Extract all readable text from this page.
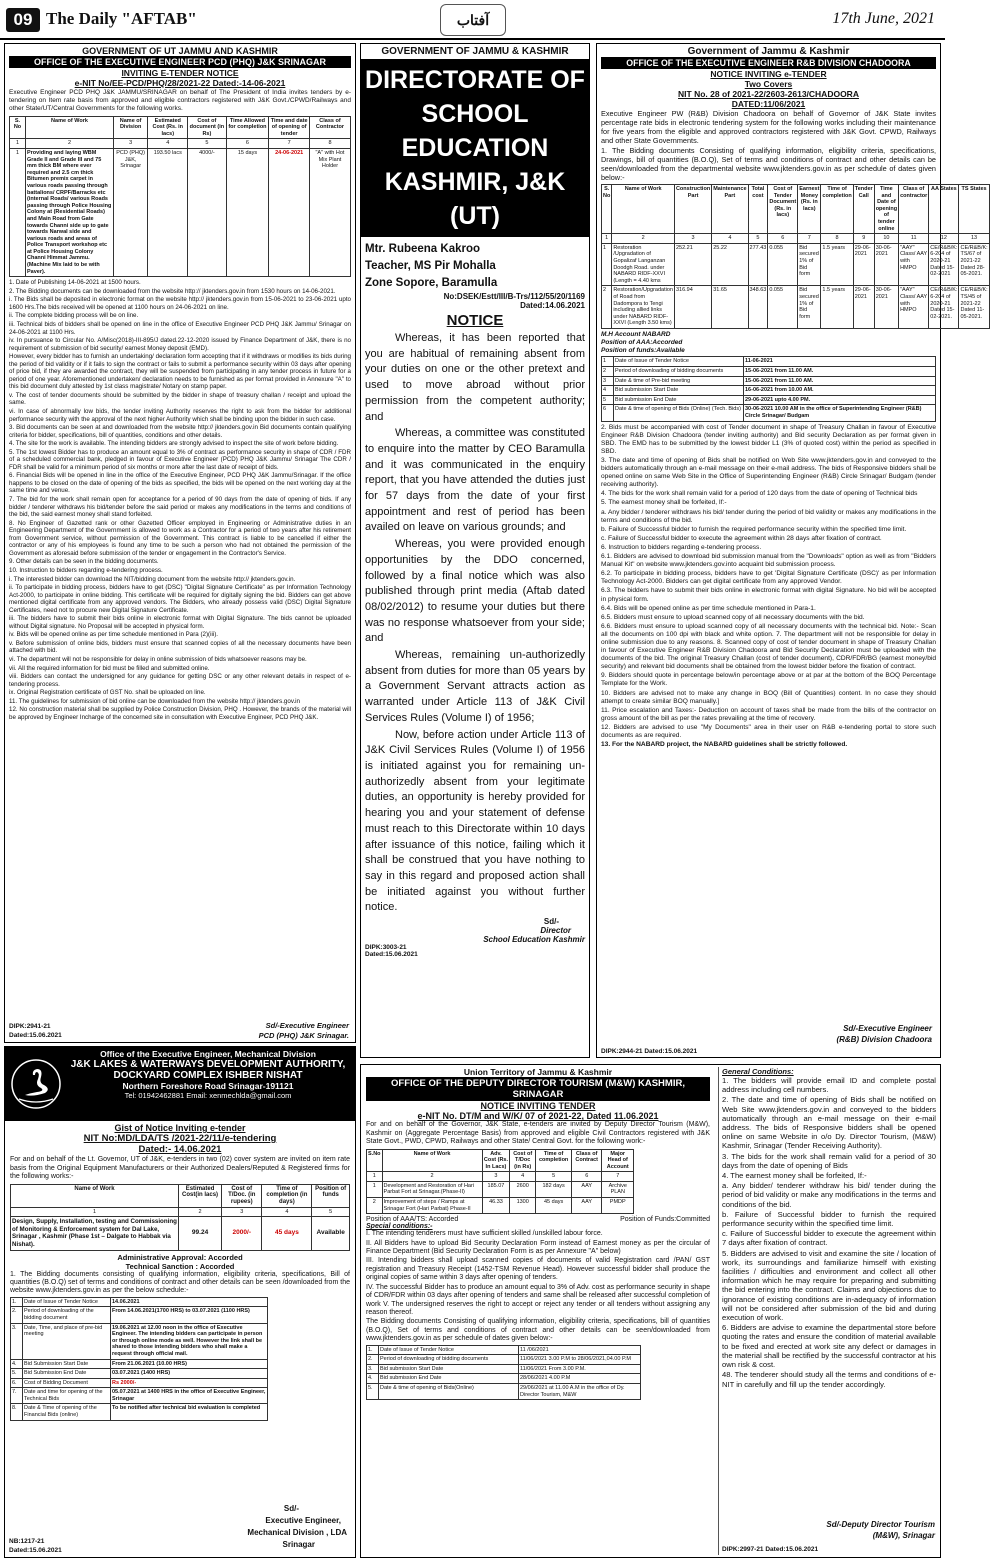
09 The Daily "AFTAB"	آفتاب	17th June, 2021
GOVERNMENT OF UT JAMMU AND KASHMIR
OFFICE OF THE EXECUTIVE ENGINEER PCD (PHQ) J&K SRINAGAR
INVITING E-TENDER NOTICE
e-NIT No/EE-PCD/PHQ/28/2021-22 Dated:-14-06-2021

Executive Engineer PCD PHQ J&K JAMMU/SRINAGAR on behalf of The President of India invites tenders by e-tendering on Item rate basis from approved and eligible contractors registered with J&K Govt./CPWD/Railways and other State/UT/Central Governments for the following works.

S. No	Name of Work	Name of Division	Estimated Cost (Rs. in lacs)	Cost of document (in Rs)	Time Allowed for completion	Time and date of opening of tender	Class of Contractor
1	2	3	4	5	6	7	8
1	Providing and laying WBM Grade II and Grade III and 75 mm thick BM where ever required and 2.5 cm thick Bitumen premix carpet in various roads passing through battalions/ CRPF/Barracks etc (internal Roads/ various Roads passing through Police Housing Colony at (Residential Roads) and Main Road from Gate towards Channi side up to gate towards Narwal side and various roads and areas of Police Transport workshop etc at Police Housing Colony Channi Himmat Jammu. (Machine Mix laid to be with Paver).	PCD (PHQ) J&K, Srinagar	193.50 lacs	4000/-	15 days	24-06-2021	"A" with Hot Mix Plant Holder

1. Date of Publishing 14-06-2021 at 1500 hours.

2. The Bidding documents can be downloaded from the website http:// jktenders.gov.in from 1530 hours on 14-06-2021.

i. The Bids shall be deposited in electronic format on the website http:// jktenders.gov.in from 15-06-2021 to 23-06-2021 upto 1600 Hrs.The bids received will be opened at 1100 hours on 24-06-2021 on line.

ii. The complete bidding process will be on line.

iii. Technical bids of bidders shall be opened on line in the office of Executive Engineer PCD PHQ J&K Jammu/ Srinagar on 24-06-2021 at 1100 Hrs.

iv. In pursuance to Circular No. A/Misc(2018)-III-895/J dated.22-12-2020 issued by Finance Department of J&K, there is no requirement of submission of bid security/ earnest Money deposit (EMD).

However, every bidder has to furnish an undertaking/ declaration form accepting that if it withdraws or modifies its bids during the period of bid validity or if it fails to sign the contract or fails to submit a performance security within 03 days after opening of price bid, if they are awarded the contract, they will be suspended from participating in any tender process in future for a period of one year. Aforementioned undertaken/ declaration needs to be furnished as per format provided in Annexure "A" to this bid document duly attested by 1st class magistrate/ Notary on stamp paper.

v. The cost of tender documents should be submitted by the bidder in shape of treasury challan / receipt and upload the same.

vi. In case of abnormally low bids, the tender inviting Authority reserves the right to ask from the bidder for additional performance security with the approval of the next higher Authority which shall be binding upon the bidder in such case.

3. Bid documents can be seen at and downloaded from the website http:// jktenders.gov.in Bid documents contain qualifying criteria for bidder, specifications, bill of quantities, conditions and other details.

4. The site for the work is available. The intending bidders are strongly advised to inspect the site of work before bidding.

5. The 1st lowest Bidder has to produce an amount equal to 3% of contract as performance security in shape of CDR / FDR of a scheduled commercial bank, pledged in favour of Executive Engineer (PCD) PHQ J&K Jammu/ Srinagar The CDR / FDR shall be valid for a minimum period of six months or more after the last date of receipt of bids.

6. Financial Bids will be opened in line in the office of the Executive Engineer, PCD PHQ J&K Jammu/Srinagar. If the office happens to be closed on the date of opening of the bids as specified, the bids will be opened on the next working day at the same time and venue.

7. The bid for the work shall remain open for acceptance for a period of 90 days from the date of opening of bids. If any bidder / tenderer withdraws his bid/tender before the said period or makes any modifications in the terms and conditions of the bid, the said earnest money shall stand forfeited.

8. No Engineer of Gazetted rank or other Gazetted Officer employed in Engineering or Administrative duties in an Engineering Department of the Government is allowed to work as a Contractor for a period of two years after his retirement from Government service, without permission of the Government. This contract is liable to be cancelled if either the contractor or any of his employees is found any time to be such a person who had not obtained the permission of the Government as aforesaid before submission of the tender or engagement in the Contractor's Service.

9. Other details can be seen in the bidding documents.

10. Instruction to bidders regarding e-tendering process.

i. The interested bidder can download the NIT/bidding document from the website http:// jktenders.gov.in.

ii. To participate in bidding process, bidders have to get (DSC) "Digital Signature Certificate" as per Information Technology Act-2000, to participate in online bidding. This certificate will be required for digitally signing the bid. Bidders can get above mentioned digital certificate from any approved vendors. The Bidders, who already possess valid (DSC) Digital Signature Certificates, need not to procure new Digital Signature Certificate.

iii. The bidders have to submit their bids online in electronic format with Digital Signature. The bids cannot be uploaded without Digital signature. No Proposal will be accepted in physical form.

iv. Bids will be opened online as per time schedule mentioned in Para (2)(iii).

v. Before submission of online bids, bidders must ensure that scanned copies of all the necessary documents have been attached with bid.

vi. The department will not be responsible for delay in online submission of bids whatsoever reasons may be.

vii. All the required information for bid must be filled and submitted online.

viii. Bidders can contact the undersigned for any guidance for getting DSC or any other relevant details in respect of e-tendering process.

ix. Original Registration certificate of GST No. shall be uploaded on line.

11. The guidelines for submission of bid online can be downloaded from the website http:// jktenders.gov.in

12. No construction material shall be supplied by Police Construction Division, PHQ . However, the brands of the material will be approved by Engineer Incharge of the concerned site in consultation with Executive Engineer, PCD PHQ J&K.

DIPK:2941-21
Dated:15.06.2021
Sd/-Executive Engineer
PCD (PHQ) J&K Srinagar.
GOVERNMENT OF JAMMU & KASHMIR
DIRECTORATE OF
SCHOOL EDUCATION
KASHMIR, J&K (UT)
Mtr. Rubeena Kakroo
Teacher, MS Pir Mohalla
Zone Sopore, Baramulla
No:DSEK/Estt/III/B-Trs/112/55/20/1169
Dated:14.06.2021
NOTICE

Whereas, it has been reported that you are habitual of remaining absent from your duties on one or the other pretext and used to move abroad without prior permission from the competent authority; and

Whereas, a committee was constituted to enquire into the matter by CEO Baramulla and it was communicated in the enquiry report, that you have attended the duties just for 57 days from the date of your first appointment and rest of period has been availed on leave on various grounds; and

Whereas, you were provided enough opportunities by the DDO concerned, followed by a final notice which was also published through print media (Aftab dated 08/02/2012) to resume your duties but there was no response whatsoever from your side; and

Whereas, remaining un-authorizedly absent from duties for more than 05 years by a Government Servant attracts action as warranted under Article 113 of J&K Civil Services Rules (Volume I) of 1956;

Now, before action under Article 113 of J&K Civil Services Rules (Volume I) of 1956 is initiated against you for remaining un-authorizedly absent from your legitimate duties, an opportunity is hereby provided for hearing you and your statement of defense must reach to this Directorate within 10 days after issuance of this notice, failing which it shall be construed that you have nothing to say in this regard and proposed action shall be initiated against you without further notice.

Sd/-
Director
School Education Kashmir
DIPK:3003-21
Dated:15.06.2021
Government of Jammu & Kashmir
OFFICE OF THE EXECUTIVE ENGINEER R&B DIVISION CHADOORA
NOTICE INVITING e-TENDER
Two Covers
NIT No. 28 of 2021-22/2603-2613/CHADOORA
DATED:11/06/2021

Executive Engineer PW (R&B) Division Chadoora on behalf of Governor of J&K State invites percentage rate bids in electronic tendering system for the following works including their maintenance for five years from the eligible and approved contractors registered with J&K Govt. CPWD, Railways and other State Governments.

1. The Bidding documents Consisting of qualifying information, eligibility criteria, specifications, Drawings, bill of quantities (B.O.Q), Set of terms and conditions of contract and other details can be seen/downloaded from the departmental website www.jktenders.gov.in as per schedule of dates given below:-

S. No	Name of Work	Construction Part	Maintenance Part	Total cost	Cost of Tender Document (Rs. in lacs)	Earnest Money (Rs. in lacs)	Time of completion	Tender Call	Time and Date of opening of tender online	Class of contractor	AA States	TS States
1	2	3	4	5	6	7	8	9	10	11	12	13
1	Restoration /Upgradation of Gopalizaf Langanzan Doodgh Road. under NABARD RIDF-XXVI (Length = 4.40 kms	252.21	25.22	277.43	0.055	Bid secured 1% of Bid form	1.5 years	29-06-2021	30-06-2021	"AAY" Class/ AAY with HMPO	CE/R&B/K: 6-204 of 2020-21 Dated 15-02-2021	CE/R&B/K: TS/67 of 2021-22 Dated 28-05-2021.
2	Restoration/Upgradation of Road from Dadompora to Tengi including allied links under NABARD RIDF-XXVI (Length 3.50 kms)	316.94	31.65	348.63	0.055	Bid secured 1% of Bid form	1.5 years	29-06-2021	30-06-2021	"AAY" Class/ AAY with HMPO	CE/R&B/K: 6-204 of 2020-21 Dated 15-02-2021.	CE/R&B/K: TS/45 of 2021-22 Dated 11-05-2021.
M.H Account NABARD
Position of AAA:Accorded
Position of funds:Available
1	Date of Issue of Tender Notice	11-06-2021
2	Period of downloading of bidding documents	15-06-2021 from 11.00 AM.
3	Date & time of Pre-bid meeting	15-06-2021 from 11.00 AM.
4	Bid submission Start Date	16-06-2021 from 10.00 AM.
5	Bid submission End Date	29-06-2021 upto 4.00 PM.
6	Date & time of opening of Bids (Online) (Tech. Bids)	30-06-2021 10.00 AM in the office of Superintending Engineer (R&B) Circle Srinagar/ Budgam

2. Bids must be accompanied with cost of Tender document in shape of Treasury Challan in favour of Executive Engineer R&B Division Chadoora (tender inviting authority) and Bid security Declaration as per format given in SBD. The EMD has to be submitted by the lowest bidder L1 (3% of quoted cost) within the period as specified in SBD.

3. The date and time of opening of Bids shall be notified on Web Site www.jktenders.gov.in and conveyed to the bidders automatically through an e-mail message on their e-mail address. The bids of Responsive bidders shall be opened online on same Web Site in the Office of Superintending Engineer (R&B) Circle Srinagar/ Budgam (tender receiving authority).

4. The bids for the work shall remain valid for a period of 120 days from the date of opening of Technical bids

5. The earnest money shall be forfeited, If:-

a. Any bidder / tenderer withdraws his bid/ tender during the period of bid validity or makes any modifications in the terms and conditions of the bid.

b. Failure of Successful bidder to furnish the required performance security within the specified time limit.

c. Failure of Successful bidder to execute the agreement within 28 days after fixation of contract.

6. Instruction to bidders regarding e-tendering process.

6.1. Bidders are advised to download bid submission manual from the "Downloads" option as well as from "Bidders Manual Kit" on website www.jktenders.gov.into acquaint bid submission process.

6.2. To participate in bidding process, bidders have to get 'Digital Signature Certificate (DSC)' as per Information Technology Act-2000. Bidders can get digital certificate from any approved Vendor.

6.3. The bidders have to submit their bids online in electronic format with digital Signature. No bid will be accepted in physical form.

6.4. Bids will be opened online as per time schedule mentioned in Para-1.

6.5. Bidders must ensure to upload scanned copy of all necessary documents with the bid.

6.6. Bidders must ensure to upload scanned copy of all necessary documents with the technical bid. Note:- Scan all the documents on 100 dpi with black and white option. 7. The department will not be responsible for delay in online submission due to any reasons. 8. Scanned copy of cost of tender document in shape of Treasury Challan in favour of Executive Engineer R&B Division Chadoora and Bid Security Declaration must be uploaded with the documents of the bid. The original Treasury Challan (cost of tender document), CDR/FDR/BG (earnest money/bid security) and relevant bid documents shall be obtained from the lowest bidder before the fixation of contract.

9. Bidders should quote in percentage below/in percentage above or at par at the bottom of the BOQ Percentage Template for the Work.

10. Bidders are advised not to make any change in BOQ (Bill of Quantities) content. In no case they should attempt to create similar BOQ manually.]

11. Price escalation and Taxes:- Deduction on account of taxes shall be made from the bills of the contractor on gross amount of the bill as per the rates prevailing at the time of recovery.

12. Bidders are advised to use "My Documents" area in their user on R&B e-tendering portal to store such documents as are required.

13. For the NABARD project, the NABARD guidelines shall be strictly followed.

Sd/-Executive Engineer
(R&B) Division Chadoora
DIPK:2944-21 Dated:15.06.2021
Office of the Executive Engineer, Mechanical Division
J&K LAKES & WATERWAYS DEVELOPMENT AUTHORITY,
DOCKYARD COMPLEX ISHBER NISHAT
Northern Foreshore Road Srinagar-191121
Tel: 01942462881 Email: xenmechlda@gmail.com
Gist of Notice Inviting e-tender
NIT No:MD/LDA/TS /2021-22/11/e-tendering
Dated:- 14.06.2021

For and on behalf of the Lt. Governor, UT of J&K, e-tenders in two (02) cover system are invited on item rate basis from the Original Equipment Manufacturers or their Authorized Dealers/Reputed & Registered firms for the following works:-

Name of Work	Estimated Cost(in lacs)	Cost of T/Doc. (in rupees)	Time of completion (in days)	Position of funds
1	2	3	4	5
Design, Supply, Installation, testing and Commissioning of Monitoring & Enforcement system for Dal Lake, Srinagar , Kashmir (Phase 1st – Dalgate to Habbak via Nishat).	99.24	2000/-	45 days	Available
Administrative Approval: Accorded
Technical Sanction : Accorded

1. The Bidding documents consisting of qualifying information, eligibility criteria, specifications, Bill of quantities (B.O.Q) set of terms and conditions of contract and other details can be seen /downloaded from the website www.jktenders.gov.in as per the below schedule:-

1.	Date of Issue of Tender Notice	14.06.2021
2.	Period of downloading of the bidding document	From 14.06.2021(1700 HRS) to 03.07.2021 (1100 HRS)
3.	Date, Time, and place of pre-bid meeting	19.06.2021 at 12.00 noon in the office of Executive Engineer. The intending bidders can participate in person or through online mode as well. However the link shall be shared to those intending bidders who shall make a request through official mail.
4.	Bid Submission Start Date	From 21.06.2021 (10.00 HRS)
5.	Bid Submission End Date	03.07.2021 (1400 HRS)
6.	Cost of Bidding Document	Rs 2000/-
7.	Date and time for opening of the Technical Bids	05.07.2021 at 1400 HRS in the office of Executive Engineer, Srinagar
8.	Date & Time of opening of the Financial Bids (online)	To be notified after technical bid evaluation is completed
Sd/-
Executive Engineer,
Mechanical Division , LDA
Srinagar
NB:1217-21
Dated:15.06.2021
Union Territory of Jammu & Kashmir
OFFICE OF THE DEPUTY DIRECTOR TOURISM (M&W) KASHMIR, SRINAGAR
NOTICE INVITING TENDER
e-NIT No. DT/M and W/K/ 07 of 2021-22, Dated 11.06.2021

For and on behalf of the Governor, J&K State, e-tenders are invited by Deputy Director Tourism (M&W), Kashmir on (Aggregate Percentage Basis) from approved and eligible Civil Contractors registered with J&K State Govt., PWD, CPWD, Railways and other State/ Central Govt. for the following work:-

S.No	Name of Work	Adv. Cost (Rs. In Lacs)	Cost of T/Doc (in Rs)	Time of completion	Class of Contract	Major Head of Account
1	2	3	4	5	6	7
1	Development and Restoration of Hari Parbat Fort at Srinagar.(Phase-II)	185.07	2600	182 days	AAY	Archive PLAN
2	Improvement of steps / Ramps at Srinagar Fort (Hari Parbat) Phase-II	46.33	1300	45 days	AAY	PMDP
Position of AAA/TS: Accorded	Position of Funds:Committed
Special conditions:-

I. The intending tenderers must have sufficient skilled /unskilled labour force.

II. All Bidders have to upload Bid Security Declaration Form instead of Earnest money as per the circular of Finance Department (Bid Security Declaration Form is as per Annexure "A" below)

III. Intending bidders shall upload scanned copies of documents of valid Registration card /PAN/ GST registration and Treasury Receipt (1452-TSM Revenue Head). However successful bidder shall produce the original copies of same within 3 days after opening of tenders.

IV. The successful Bidder has to produce an amount equal to 3% of Adv. cost as performance security in shape of CDR/FDR within 03 days after opening of tenders and same shall be released after successful completion of work V. The undersigned reserves the right to accept or reject any tender or all tenders without assigning any reason thereof.

The Bidding documents Consisting of qualifying information, eligibility criteria, specifications, bill of quantities (B.O.Q), Set of terms and conditions of contract and other details can be seen/downloaded from www.jktenders.gov.in as per schedule of dates given below:-

1.	Date of Issue of Tender Notice	11 /06/2021
2.	Period of downloading of bidding documents	11/06/2021 3.00 P.M to 28/06/2021,04.00 P.M
3.	Bid submission Start Date	11/06/2021 From 3.00 P.M.
4.	Bid submission End Date	28/06/2021 4.00 P.M
5.	Date & time of opening of Bids(Online)	29/06/2021 at 11.00 A.M in the office of Dy. Director Tourism, M&W
General Conditions:

1. The bidders will provide email ID and complete postal address including cell numbers.

2. The date and time of opening of Bids shall be notified on Web Site www.jktenders.gov.in and conveyed to the bidders automatically through an e-mail message on their e-mail address. The bids of Responsive bidders shall be opened online on same Website in o/o Dy. Director Tourism, (M&W) Kashmir, Srinagar (Tender Receiving Authority).

3. The bids for the work shall remain valid for a period of 30 days from the date of opening of Bids

4. The earnest money shall be forfeited, If:-

a. Any bidder/ tenderer withdraw his bid/ tender during the period of bid validity or make any modifications in the terms and conditions of the bid.

b. Failure of Successful bidder to furnish the required performance security within the specified time limit.

c. Failure of Successful bidder to execute the agreement within 7 days after fixation of contract.

5. Bidders are advised to visit and examine the site / location of work, its surroundings and familiarize himself with existing facilities / difficulties and environment and collect all other information which he may require for preparing and submitting the bid entering into the contract. Claims and objections due to ignorance of existing conditions are in-adequacy of information will not be considered after submission of the bid and during execution of work.

6. Bidders are advise to examine the departmental store before quoting the rates and ensure the condition of material available to be fixed and erected at work site any defect or damages in the material shall be rectified by the successful contractor at his own risk & cost.

48. The tenderer should study all the terms and conditions of e-NIT in carefully and fill up the tender accordingly.

Sd/-Deputy Director Tourism
(M&W), Srinagar
DIPK:2997-21 Dated:15.06.2021
